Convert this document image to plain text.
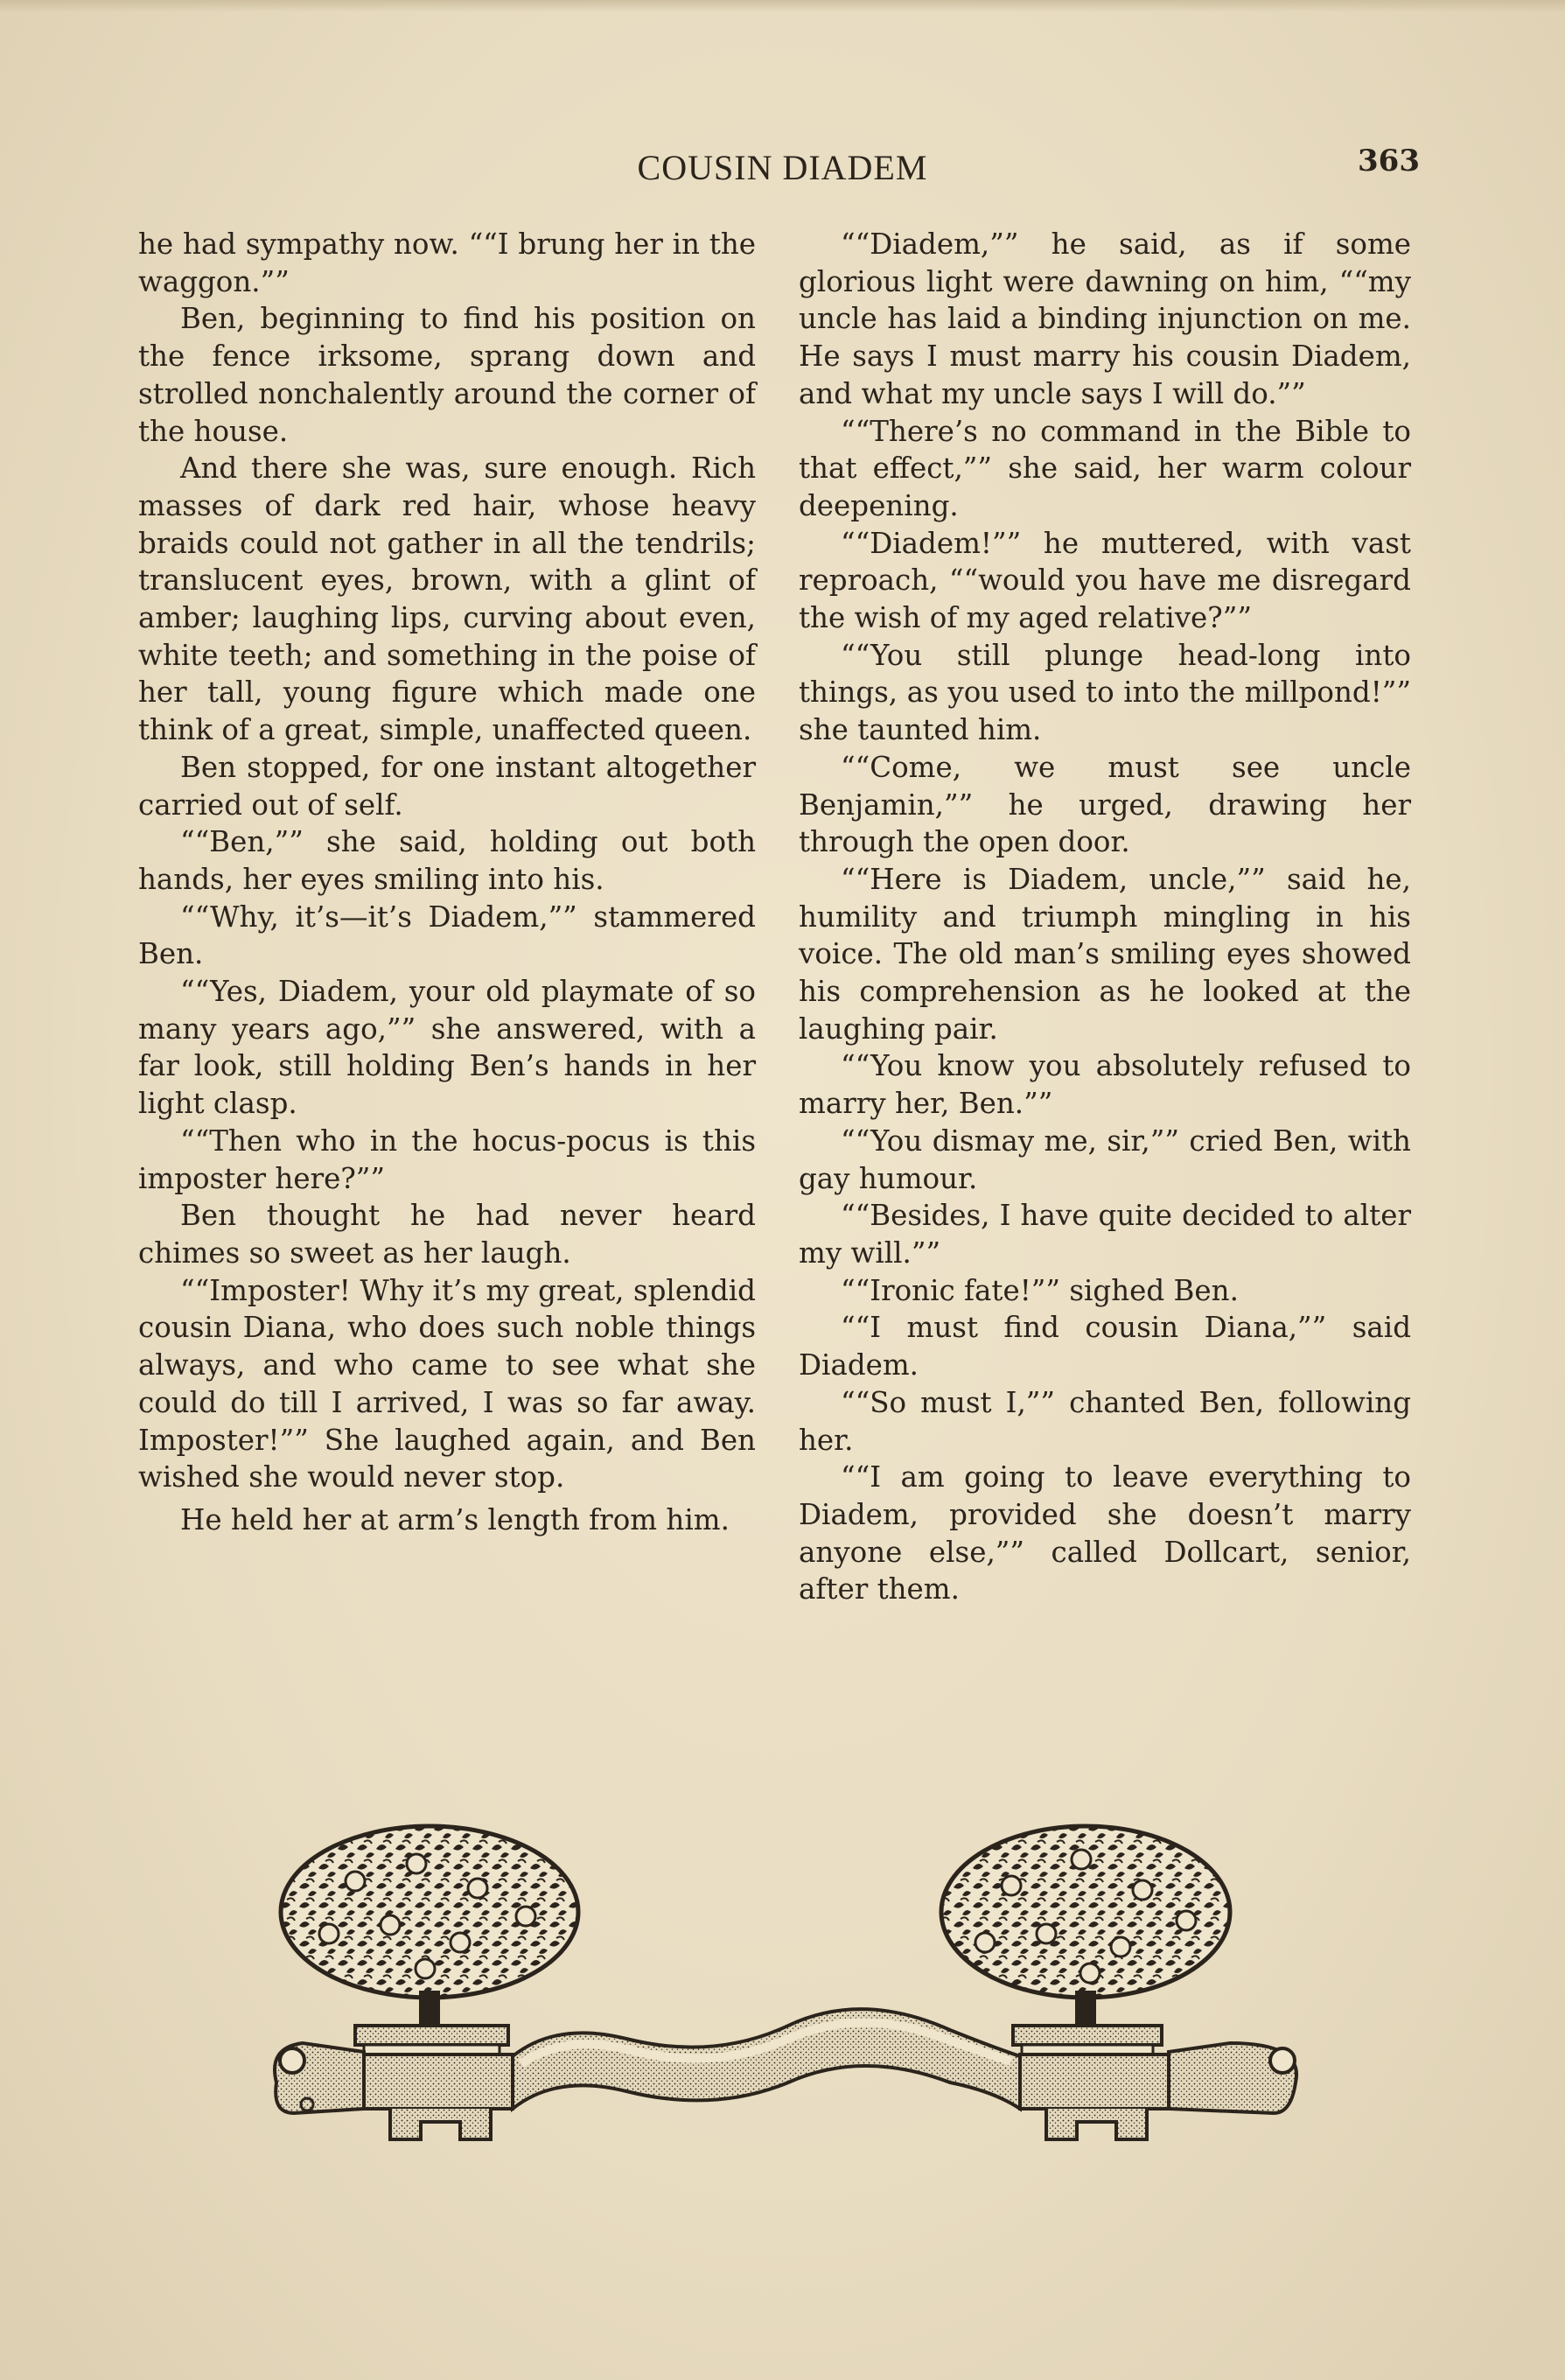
COUSIN DIADEM	363

he had sympathy now. ““I brung her in the waggon.””

Ben, beginning to find his position on the fence irksome, sprang down and strolled nonchalently around the corner of the house.

And there she was, sure enough. Rich masses of dark red hair, whose heavy braids could not gather in all the tendrils; translucent eyes, brown, with a glint of amber; laughing lips, curving about even, white teeth; and something in the poise of her tall, young figure which made one think of a great, simple, unaffected queen.

Ben stopped, for one instant altogether carried out of self.

““Ben,”” she said, holding out both hands, her eyes smiling into his.

““Why, it’s—it’s Diadem,”” stammered Ben.

““Yes, Diadem, your old playmate of so many years ago,”” she answered, with a far look, still holding Ben’s hands in her light clasp.

““Then who in the hocus-pocus is this imposter here?””

Ben thought he had never heard chimes so sweet as her laugh.

““Imposter! Why it’s my great, splendid cousin Diana, who does such noble things always, and who came to see what she could do till I arrived, I was so far away. Imposter!”” She laughed again, and Ben wished she would never stop.

He held her at arm’s length from him.

““Diadem,”” he said, as if some glorious light were dawning on him, ““my uncle has laid a binding injunction on me. He says I must marry his cousin Diadem, and what my uncle says I will do.””

““There’s no command in the Bible to that effect,”” she said, her warm colour deepening.

““Diadem!”” he muttered, with vast reproach, ““would you have me disregard the wish of my aged relative?””

““You still plunge head-long into things, as you used to into the millpond!”” she taunted him.

““Come, we must see uncle Benjamin,”” he urged, drawing her through the open door.

““Here is Diadem, uncle,”” said he, humility and triumph mingling in his voice. The old man’s smiling eyes showed his comprehension as he looked at the laughing pair.

““You know you absolutely refused to marry her, Ben.””

““You dismay me, sir,”” cried Ben, with gay humour.

““Besides, I have quite decided to alter my will.””

““Ironic fate!”” sighed Ben.

““I must find cousin Diana,”” said Diadem.

““So must I,”” chanted Ben, following her.

““I am going to leave everything to Diadem, provided she doesn’t marry anyone else,”” called Dollcart, senior, after them.
